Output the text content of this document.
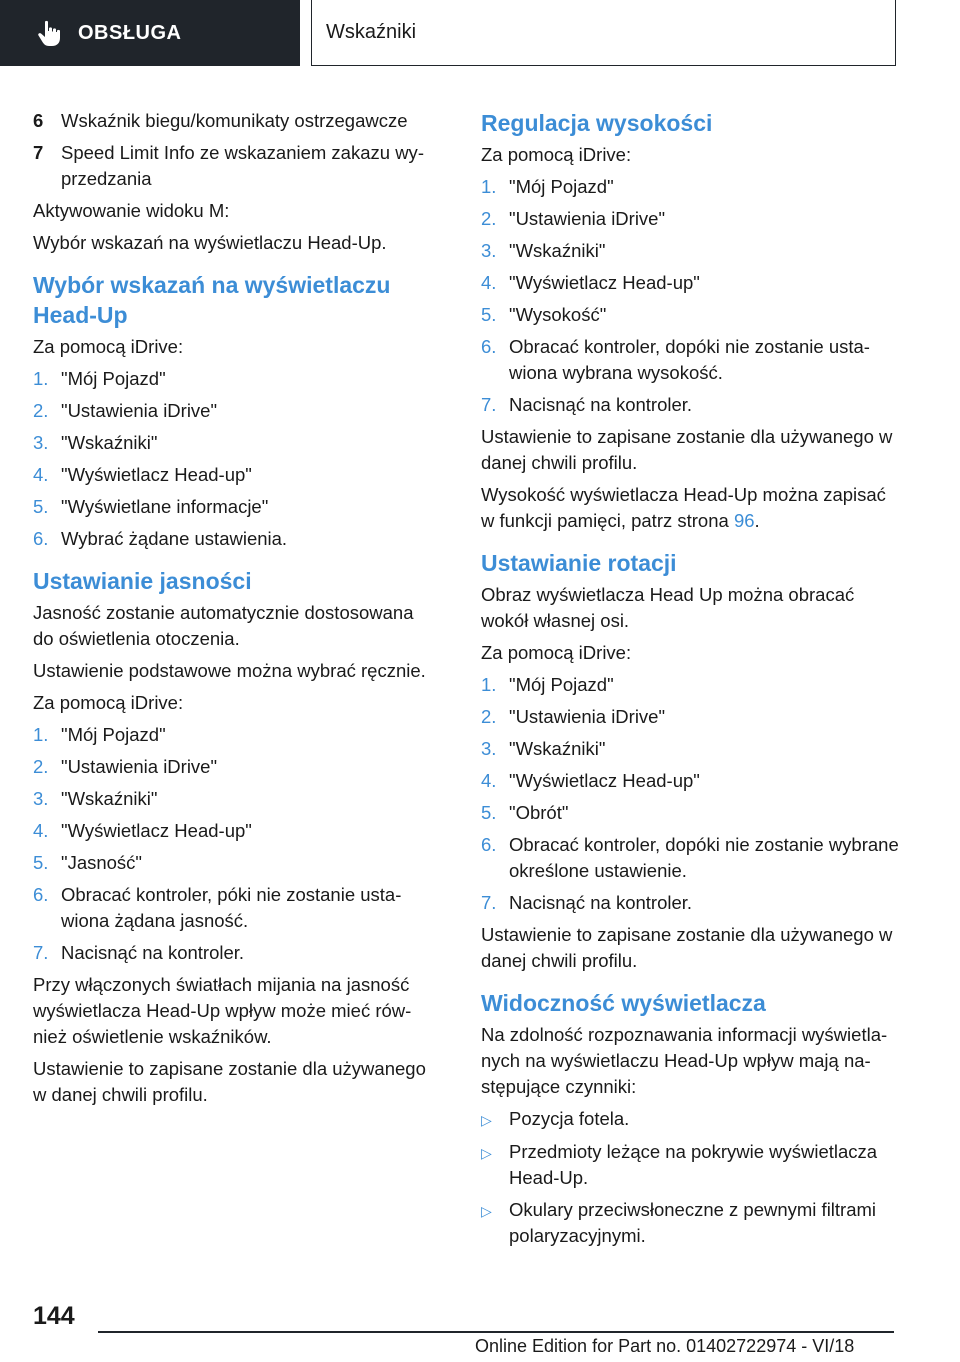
OBSŁUGA	Wskaźniki
6 Wskaźnik biegu/komunikaty ostrzegawcze
7 Speed Limit Info ze wskazaniem zakazu wyprzedzania

Aktywowanie widoku M:

Wybór wskazań na wyświetlaczu Head-Up.

Wybór wskazań na wyświetlaczu Head-Up

Za pomocą iDrive:

1. "Mój Pojazd"
2. "Ustawienia iDrive"
3. "Wskaźniki"
4. "Wyświetlacz Head-up"
5. "Wyświetlane informacje"
6. Wybrać żądane ustawienia.
Ustawianie jasności

Jasność zostanie automatycznie dostosowana do oświetlenia otoczenia.

Ustawienie podstawowe można wybrać ręcznie.

Za pomocą iDrive:

1. "Mój Pojazd"
2. "Ustawienia iDrive"
3. "Wskaźniki"
4. "Wyświetlacz Head-up"
5. "Jasność"
6. Obracać kontroler, póki nie zostanie ustawiona żądana jasność.
7. Nacisnąć na kontroler.

Przy włączonych światłach mijania na jasność wyświetlacza Head-Up wpływ może mieć również oświetlenie wskaźników.

Ustawienie to zapisane zostanie dla używanego w danej chwili profilu.

Regulacja wysokości

Za pomocą iDrive:

1. "Mój Pojazd"
2. "Ustawienia iDrive"
3. "Wskaźniki"
4. "Wyświetlacz Head-up"
5. "Wysokość"
6. Obracać kontroler, dopóki nie zostanie ustawiona wybrana wysokość.
7. Nacisnąć na kontroler.

Ustawienie to zapisane zostanie dla używanego w danej chwili profilu.

Wysokość wyświetlacza Head-Up można zapisać w funkcji pamięci, patrz strona 96.

Ustawianie rotacji

Obraz wyświetlacza Head Up można obracać wokół własnej osi.

Za pomocą iDrive:

1. "Mój Pojazd"
2. "Ustawienia iDrive"
3. "Wskaźniki"
4. "Wyświetlacz Head-up"
5. "Obrót"
6. Obracać kontroler, dopóki nie zostanie wybrane określone ustawienie.
7. Nacisnąć na kontroler.

Ustawienie to zapisane zostanie dla używanego w danej chwili profilu.

Widoczność wyświetlacza

Na zdolność rozpoznawania informacji wyświetlanych na wyświetlaczu Head-Up wpływ mają następujące czynniki:

▷ Pozycja fotela.
▷ Przedmioty leżące na pokrywie wyświetlacza Head-Up.
▷ Okulary przeciwsłoneczne z pewnymi filtrami polaryzacyjnymi.
144
Online Edition for Part no. 01402722974 - VI/18
